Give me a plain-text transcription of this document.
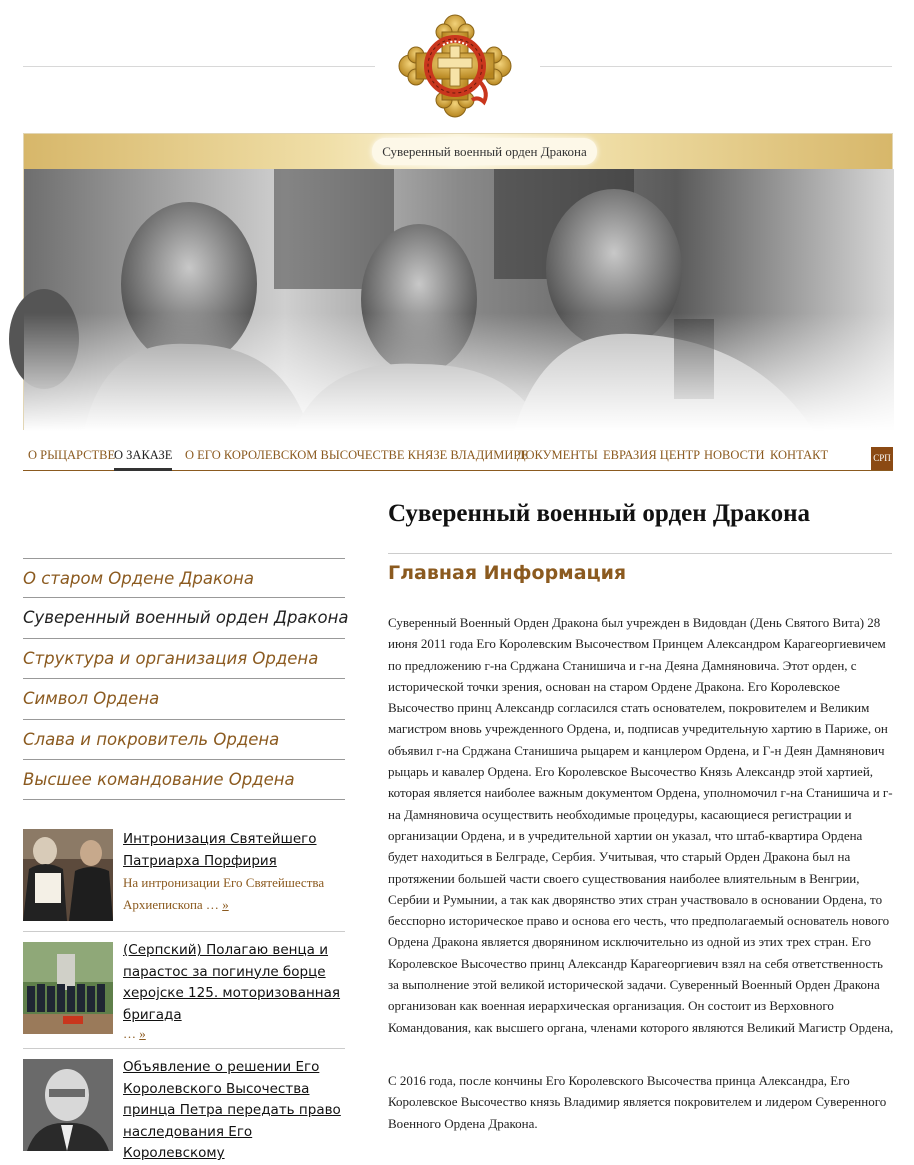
Суверенный военный орден Дракона
О РЫЦАРСТВЕ
О ЗАКАЗЕ О ЕГО КОРОЛЕВСКОМ ВЫСОЧЕСТВЕ КНЯЗЕ ВЛАДИМИРЕ
ДОКУМЕНТЫ ЕВРАЗИЯ ЦЕНТР НОВОСТИ КОНТАКТ	СРП
О старом Ордене Дракона
Суверенный военный орден Дракона
Структура и организация Ордена
Символ Ордена
Слава и покровитель Ордена
Высшее командование Ордена
Интронизация Святейшего Патриарха Порфирия
На интронизации Его Святейшества Архиепископа … »
(Серпский) Полагаю венца и парастос за погинуле борце херојске 125. моторизованная бригада
… »
Объявление о решении Его Королевского Высочества принца Петра передать право наследования Его Королевскому
Суверенный военный орден Дракона
Главная Информация

Суверенный Военный Орден Дракона был учрежден в Видовдан (День Святого Вита) 28 июня 2011 года Его Королевским Высочеством Принцем Александром Карагеоргиевичем по предложению г-на Срджана Станишича и г-на Деяна Дамняновича. Этот орден, с исторической точки зрения, основан на старом Ордене Дракона. Его Королевское Высочество принц Александр согласился стать основателем, покровителем и Великим магистром вновь учрежденного Ордена, и, подписав учредительную хартию в Париже, он объявил г-на Срджана Станишича рыцарем и канцлером Ордена, и Г-н Деян Дамнянович рыцарь и кавалер Ордена. Его Королевское Высочество Князь Александр этой хартией, которая является наиболее важным документом Ордена, уполномочил г-на Станишича и г-на Дамняновича осуществить необходимые процедуры, касающиеся регистрации и организации Ордена, и в учредительной хартии он указал, что штаб-квартира Ордена будет находиться в Белграде, Сербия. Учитывая, что старый Орден Дракона был на протяжении большей части своего существования наиболее влиятельным в Венгрии, Сербии и Румынии, а так как дворянство этих стран участвовало в основании Ордена, то бесспорно историческое право и основа его честь, что предполагаемый основатель нового Ордена Дракона является дворянином исключительно из одной из этих трех стран. Его Королевское Высочество принц Александр Карагеоргиевич взял на себя ответственность за выполнение этой великой исторической задачи. Суверенный Военный Орден Дракона организован как военная иерархическая организация. Он состоит из Верховного Командования, как высшего органа, членами которого являются Великий Магистр Ордена,

С 2016 года, после кончины Его Королевского Высочества принца Александра, Его Королевское Высочество князь Владимир является покровителем и лидером Суверенного Военного Ордена Дракона.
